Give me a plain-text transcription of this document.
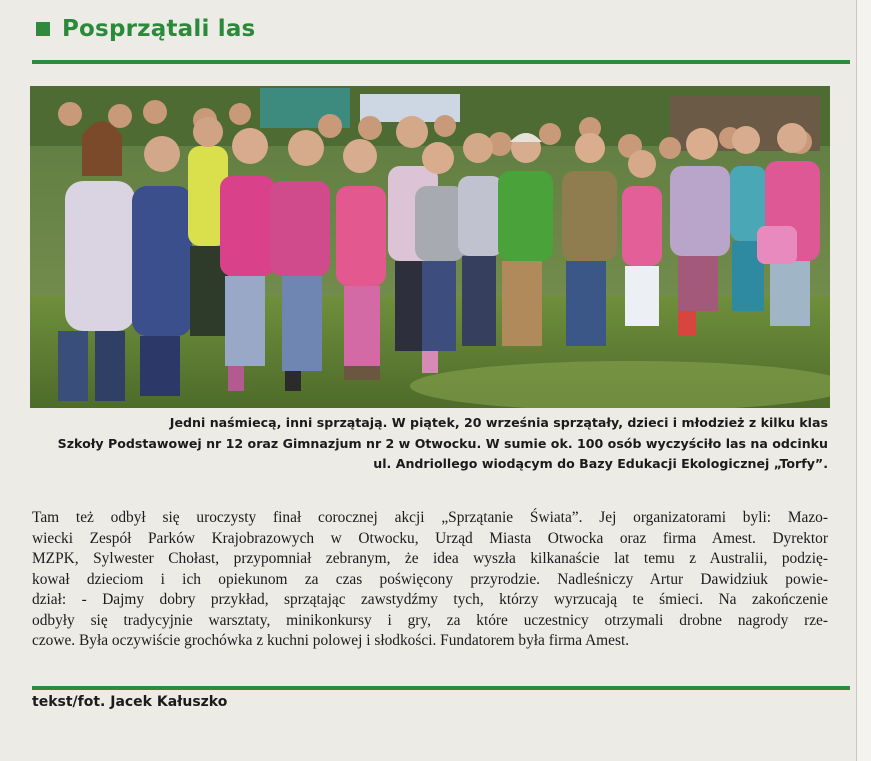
Posprzątali las
Jedni naśmiecą, inni sprzątają. W piątek, 20 września sprzątały, dzieci i młodzież z kilku klas
Szkoły Podstawowej nr 12 oraz Gimnazjum nr 2 w Otwocku. W sumie ok. 100 osób wyczyściło las na odcinku
ul. Andriollego wiodącym do Bazy Edukacji Ekologicznej „Torfy”.
Tam też odbył się uroczysty finał corocznej akcji „Sprzątanie Świata”. Jej organizatorami byli: Mazo-
wiecki Zespół Parków Krajobrazowych w Otwocku, Urząd Miasta Otwocka oraz firma Amest. Dyrektor
MZPK, Sylwester Chołast, przypomniał zebranym, że idea wyszła kilkanaście lat temu z Australii, podzię-
kował dzieciom i ich opiekunom za czas poświęcony przyrodzie. Nadleśniczy Artur Dawidziuk powie-
dział: - Dajmy dobry przykład, sprzątając zawstydźmy tych, którzy wyrzucają te śmieci. Na zakończenie
odbyły się tradycyjnie warsztaty, minikonkursy i gry, za które uczestnicy otrzymali drobne nagrody rze-
czowe. Była oczywiście grochówka z kuchni polowej i słodkości. Fundatorem była firma Amest.
tekst/fot. Jacek Kałuszko
